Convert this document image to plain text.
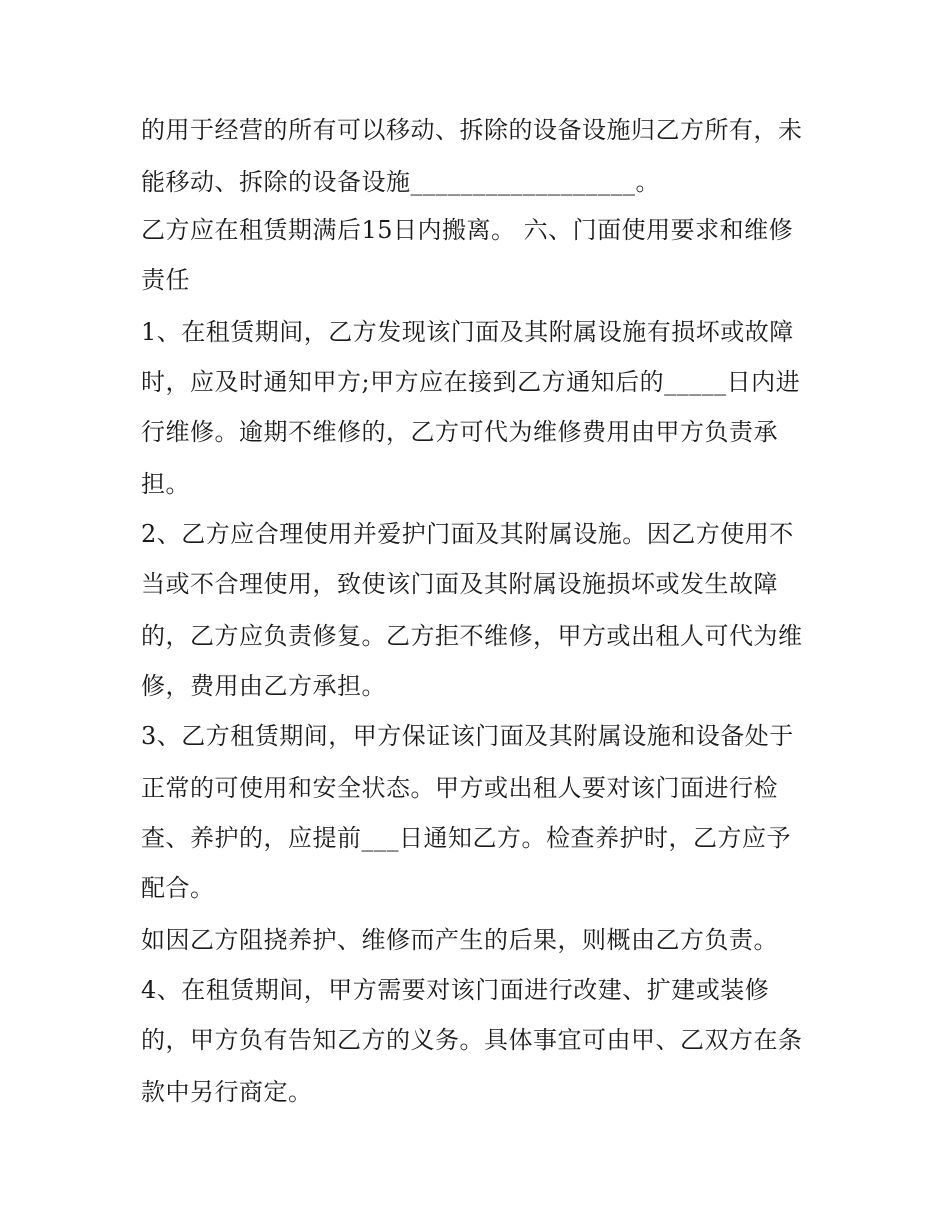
的用于经营的所有可以移动、拆除的设备设施归乙方所有，未
能移动、拆除的设备设施__________________。
乙方应在租赁期满后15日内搬离。 六、门面使用要求和维修
责任
1、在租赁期间，乙方发现该门面及其附属设施有损坏或故障
时，应及时通知甲方;甲方应在接到乙方通知后的_____日内进
行维修。逾期不维修的，乙方可代为维修费用由甲方负责承
担。
2、乙方应合理使用并爱护门面及其附属设施。因乙方使用不
当或不合理使用，致使该门面及其附属设施损坏或发生故障
的，乙方应负责修复。乙方拒不维修，甲方或出租人可代为维
修，费用由乙方承担。
3、乙方租赁期间，甲方保证该门面及其附属设施和设备处于
正常的可使用和安全状态。甲方或出租人要对该门面进行检
查、养护的，应提前___日通知乙方。检查养护时，乙方应予
配合。
如因乙方阻挠养护、维修而产生的后果，则概由乙方负责。
4、在租赁期间，甲方需要对该门面进行改建、扩建或装修
的，甲方负有告知乙方的义务。具体事宜可由甲、乙双方在条
款中另行商定。
